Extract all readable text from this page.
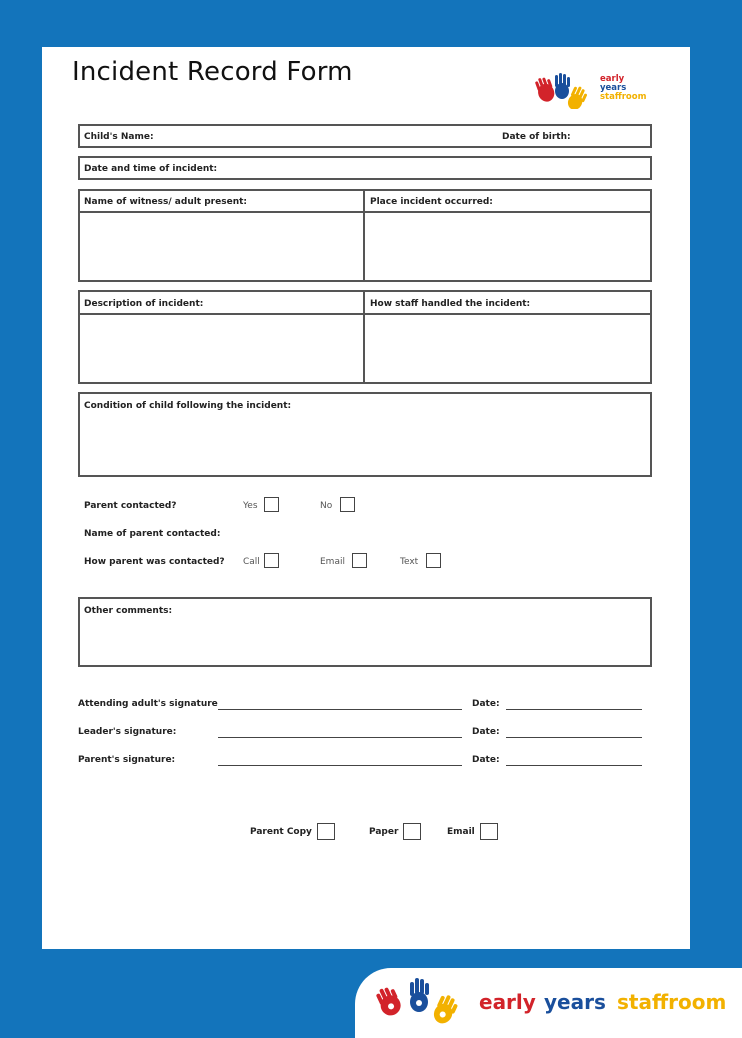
Incident Record Form	early
years
staffroom
Child's Name:	Date of birth:
Date and time of incident:
Name of witness/ adult present:	Place incident occurred:
Description of incident:	How staff handled the incident:
Condition of child following the incident:
Parent contacted?	Yes	No
Name of parent contacted:
How parent was contacted? Call	Email	Text
Other comments:
Attending adult's signature	Date:
Leader's signature:	Date:
Parent's signature:	Date:
Parent Copy	Paper	Email
early years staffroom
